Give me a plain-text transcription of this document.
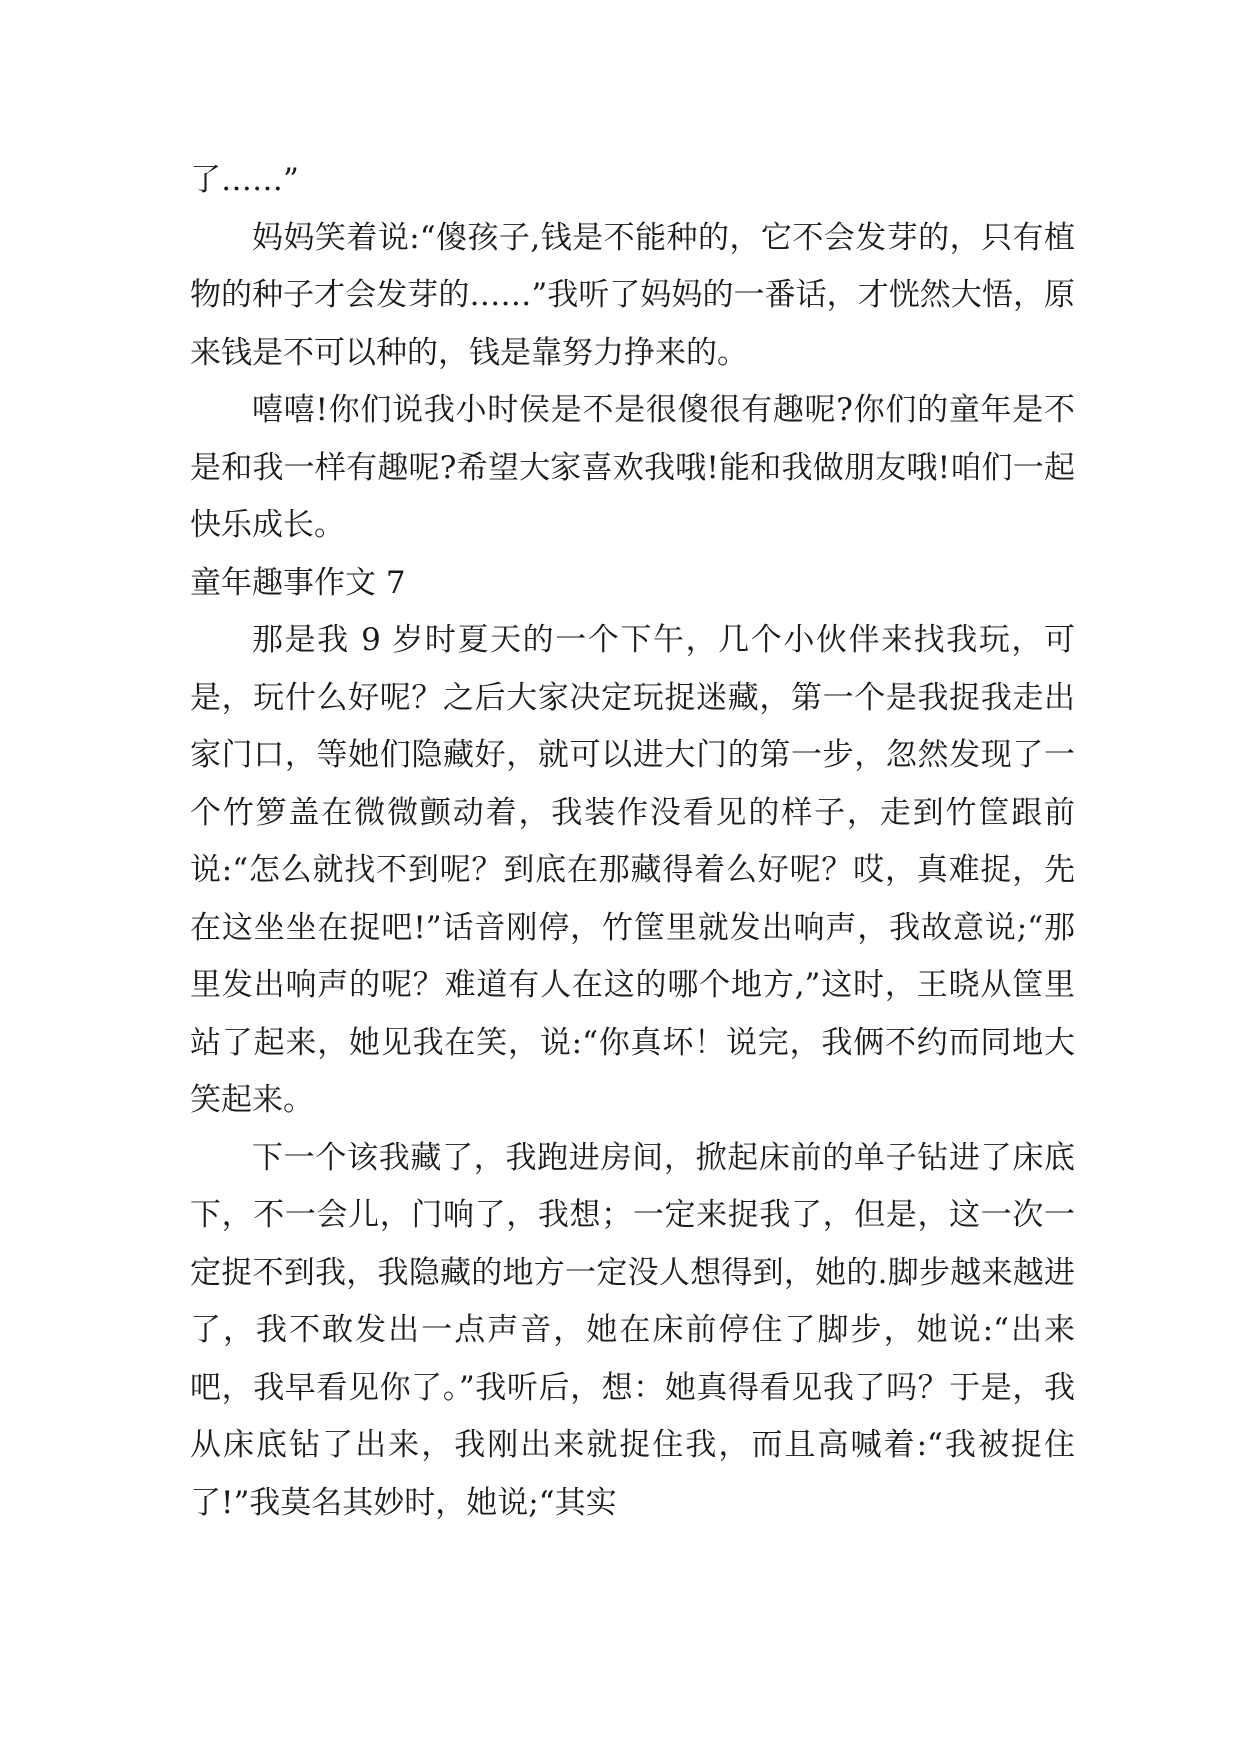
了……”

妈妈笑着说:“傻孩子,钱是不能种的，它不会发芽的，只有植物的种子才会发芽的……”我听了妈妈的一番话，才恍然大悟，原来钱是不可以种的，钱是靠努力挣来的。

嘻嘻!你们说我小时侯是不是很傻很有趣呢?你们的童年是不是和我一样有趣呢?希望大家喜欢我哦!能和我做朋友哦!咱们一起快乐成长。

童年趣事作文 7

那是我 9 岁时夏天的一个下午，几个小伙伴来找我玩，可是，玩什么好呢？之后大家决定玩捉迷藏，第一个是我捉我走出家门口，等她们隐藏好，就可以进大门的第一步，忽然发现了一个竹箩盖在微微颤动着，我装作没看见的样子，走到竹筐跟前说:“怎么就找不到呢？到底在那藏得着么好呢？哎，真难捉，先在这坐坐在捉吧!”话音刚停，竹筐里就发出响声，我故意说;“那里发出响声的呢？难道有人在这的哪个地方,”这时，王晓从筐里站了起来，她见我在笑，说:“你真坏！说完，我俩不约而同地大笑起来。

下一个该我藏了，我跑进房间，掀起床前的单子钻进了床底下，不一会儿，门响了，我想；一定来捉我了，但是，这一次一定捉不到我，我隐藏的地方一定没人想得到，她的.脚步越来越进了，我不敢发出一点声音，她在床前停住了脚步，她说:“出来吧，我早看见你了。”我听后，想：她真得看见我了吗？于是，我从床底钻了出来，我刚出来就捉住我，而且高喊着:“我被捉住了!”我莫名其妙时，她说;“其实
